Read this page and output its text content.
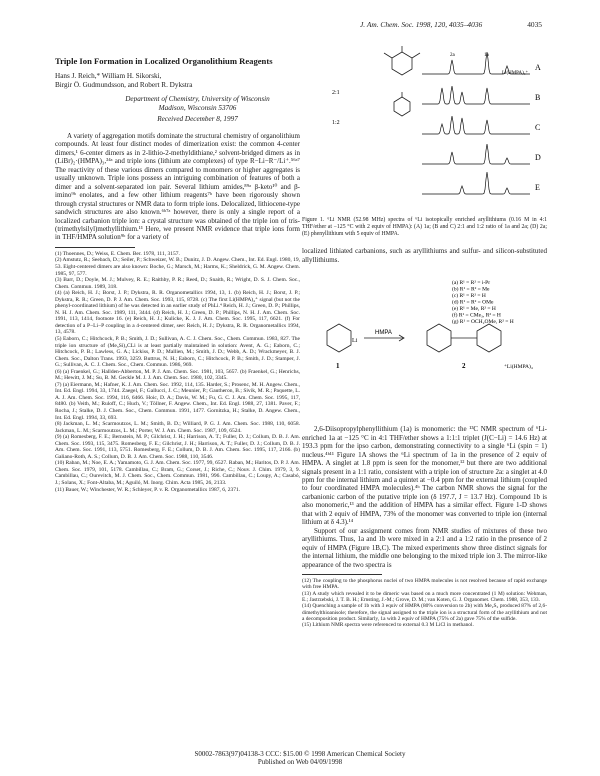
J. Am. Chem. Soc. 1998, 120, 4035–4036	4035
Triple Ion Formation in Localized Organolithium Reagents
Hans J. Reich,* William H. Sikorski,
Birgir Ö. Gudmundsson, and Robert R. Dykstra
Department of Chemistry, University of Wisconsin
Madison, Wisconsin 53706
Received December 8, 1997

A variety of aggregation motifs dominate the structural chemistry of organolithium compounds. At least four distinct modes of dimerization exist: the common 4-center dimers,¹ 6-center dimers as in 2-lithio-2-methyldithiane,² solvent-bridged dimers as in (LiBr)₂·(HMPA)₃,³⁴ᵃ and triple ions (lithium ate complexes) of type R−Li−R⁻/Li⁺.⁵⁶ᵃ⁷ The reactivity of these various dimers compared to monomers or higher aggregates is usually unknown. Triple ions possess an intriguing combination of features of both a dimer and a solvent-separated ion pair. Several lithium amides,⁸⁹ᵃ β-keto¹⁰ and β-imino⁹ᵇ enolates, and a few other lithium reagents⁷ᵇ have been rigorously shown through crystal structures or NMR data to form triple ions. Delocalized, lithiocene-type sandwich structures are also known.⁶ᵇ⁷ᵃ however, there is only a single report of a localized carbanion triple ion: a crystal structure was obtained of the triple ion of tris-(trimethylsilyl)methyllithium.¹¹ Here, we present NMR evidence that triple ions form in THF/HMPA solution⁹ᵇ for a variety of

(1) Thoennes, D.; Weiss, E. Chem. Ber. 1978, 111, 3157.

(2) Amstutz, R.; Seebach, D.; Seiler, P.; Schweizer, W. B.; Dunitz, J. D. Angew. Chem., Int. Ed. Engl. 1980, 19, 53. Eight-centered dimers are also known: Boche, G.; Marsch, M.; Harms, K.; Sheldrick, G. M. Angew. Chem. 1985, 97, 577.

(3) Barr, D.; Doyle, M. J.; Mulvey, R. E.; Raithby, P. R.; Reed, D.; Snaith, R.; Wright, D. S. J. Chem. Soc., Chem. Commun. 1989, 318.

(4) (a) Reich, H. J.; Borst, J. P.; Dykstra, R. R. Organometallics 1994, 13, 1. (b) Reich, H. J.; Borst, J. P.; Dykstra, R. R.; Green, D. P. J. Am. Chem. Soc. 1993, 115, 8728. (c) The first Li(HMPA)₄⁺ signal (but not the phenyl-coordinated lithium) of he was detected in an earlier study of PhLi.⁴ Reich, H. J.; Green, D. P.; Phillips, N. H. J. Am. Chem. Soc. 1989, 111, 3444. (d) Reich, H. J.; Green, D. P.; Phillips, N. H. J. Am. Chem. Soc. 1991, 113, 1414, footnote 16. (e) Reich, H. J.; Kulicke, K. J. J. Am. Chem. Soc. 1995, 117, 6621. (f) For detection of a P−Li−P coupling in a 4-centered dimer, see: Reich, H. J.; Dykstra, R. R. Organometallics 1994, 13, 4578.

(5) Eaborn, C.; Hitchcock, P. B.; Smith, J. D.; Sullivan, A. C. J. Chem. Soc., Chem. Commun. 1983, 827. The triple ion structure of (Me₃Si)₃CLi is at least partially maintained in solution: Avent, A. G.; Eaborn, C.; Hitchcock, P. B.; Lawless, G. A.; Lickiss, P. D.; Mallien, M.; Smith, J. D.; Webb, A. D.; Wrackmeyer, B. J. Chem. Soc., Dalton Trans. 1993, 3259. Buttrus, N. H.; Eaborn, C.; Hitchcock, P. B.; Smith, J. D.; Stamper, J. G.; Sullivan, A. C. J. Chem. Soc., Chem. Commun. 1986, 969.

(6) (a) Fraenkel, G.; Hallden-Abberton, M. P. J. Am. Chem. Soc. 1981, 103, 5657. (b) Fraenkel, G.; Henrichs, M.; Hewitt, J. M.; Su, B. M. Geckle M. J. J. Am. Chem. Soc. 1980, 102, 3345.

(7) (a) Eiermann, M.; Hafner, K. J. Am. Chem. Soc. 1992, 114, 135. Harder, S.; Prosenc, M. H. Angew. Chem., Int. Ed. Engl. 1994, 33, 1744. Zaegel, F.; Gallucci, J. C.; Meunier, P.; Gautheron, B.; Sivik, M. R.; Paquette, L. A. J. Am. Chem. Soc. 1994, 116, 6466. Hoic, D. A.; Davis, W. M.; Fu, G. C. J. Am. Chem. Soc. 1995, 117, 8480. (b) Veith, M.; Ruloff, C.; Huch, V.; Töllner, F. Angew. Chem., Int. Ed. Engl. 1988, 27, 1381. Paver, F.; Rocha, J.; Stalke, D. J. Chem. Soc., Chem. Commun. 1991, 1477. Gornitzka, H.; Stalke, D. Angew. Chem., Int. Ed. Engl. 1994, 33, 693.

(8) Jackman, L. M.; Scarmoutzos, L. M.; Smith, B. D.; Williard, P. G. J. Am. Chem. Soc. 1988, 110, 6058. Jackman, L. M.; Scarmoutzos, L. M.; Porter, W. J. Am. Chem. Soc. 1987, 109, 6524.

(9) (a) Romesberg, F. E.; Bernstein, M. P.; Gilchrist, J. H.; Harrison, A. T.; Fuller, D. J.; Collum, D. B. J. Am. Chem. Soc. 1993, 115, 3475. Romesberg, F. E.; Gilchrist, J. H.; Harrison, A. T.; Fuller, D. J.; Collum, D. B. J. Am. Chem. Soc. 1991, 113, 5751. Romesberg, F. E.; Collum, D. B. J. Am. Chem. Soc. 1995, 117, 2166. (b) Galiano-Roth, A. S.; Collum, D. B. J. Am. Chem. Soc. 1988, 110, 3546.

(10) Raban, M.; Noe, E. A.; Yamamoto, G. J. Am. Chem. Soc. 1977, 99, 6527. Raban, M.; Haritos, D. P. J. Am. Chem. Soc. 1979, 101, 5178. Cambillau, C.; Bram, G.; Corset, J.; Riche, C.; Nouv. J. Chim. 1979, 3, 9. Cambillau, C.; Ourevitch, M. J. Chem. Soc., Chem. Commun. 1981, 996. Cambillau, C.; Loupy, A.; Casabó, J.; Solans, X.; Font-Altaba, M.; Aguiló, M. Inorg. Chim. Acta 1985, 26, 2133.

(11) Bauer, W.; Winchester, W. R.; Schleyer, P. v. R. Organometallics 1987, 6, 2371.

A
B
C
D
E
2a	1a
Li(HMPA)₄⁺
2:1
1:2
Figure 1. ⁶Li NMR (52.98 MHz) spectra of ⁶Li isotopically enriched aryllithiums (0.16 M in 4:1 THF/ether at −125 °C with 2 equiv of HMPA): (A) 1a; (B and C) 2:1 and 1:2 ratio of 1a and 2a; (D) 2a; (E) phenyllithium with 5 equiv of HMPA.

localized lithiated carbanions, such as aryllithiums and sulfur- and silicon-substituted allyllithiums.

Li
HMPA
1	2	⁺Li(HMPA)₄
(a) R¹ = R² = i-Pr
(b) R¹ = R² = Me
(c) R¹ = R² = H
(d) R¹ = R² = OMe
(e) R¹ = Me, R² = H
(f) R¹ = CMe₃, R² = H
(g) R¹ = OCH₂OMe, R² = H

2,6-Diisopropylphenyllithium (1a) is monomeric: the ¹³C NMR spectrum of ⁶Li-enriched 1a at −125 °C in 4:1 THF/ether shows a 1:1:1 triplet (J(C−Li) = 14.6 Hz) at 193.3 ppm for the ipso carbon, demonstrating connectivity to a single ⁶Li (spin = 1) nucleus.⁴ᵇ¹¹ Figure 1A shows the ⁶Li spectrum of 1a in the presence of 2 equiv of HMPA. A singlet at 1.8 ppm is seen for the monomer,¹² but there are two additional signals present in a 1:1 ratio, consistent with a triple ion of structure 2a: a singlet at 4.0 ppm for the internal lithium and a quintet at −0.4 ppm for the external lithium (coupled to four coordinated HMPA molecules).⁴ᵇ The carbon NMR shows the signal for the carbanionic carbon of the putative triple ion (δ 197.7, J = 13.7 Hz). Compound 1b is also monomeric,¹³ and the addition of HMPA has a similar effect. Figure 1-D shows that with 2 equiv of HMPA, 73% of the monomer was converted to triple ion (internal lithium at δ 4.3).¹⁴

Support of our assignment comes from NMR studies of mixtures of these two aryllithiums. Thus, 1a and 1b were mixed in a 2:1 and a 1:2 ratio in the presence of 2 equiv of HMPA (Figure 1B,C). The mixed experiments show three distinct signals for the internal lithium, the middle one belonging to the mixed triple ion 3. The mirror-like appearance of the two spectra is

(12) The coupling to the phosphorus nuclei of two HMPA molecules is not resolved because of rapid exchange with free HMPA.

(13) A study which revealed it to be dimeric was based on a much more concentrated (1 M) solution: Wehman, E.; Jastrzebski, J. T. B. H.; Ernsting, J.-M.; Grove, D. M.; van Koten, G. J. Organomet. Chem. 1988, 353, 133.

(14) Quenching a sample of 1b with 3 equiv of HMPA (80% conversion to 2b) with Me₂S₂ produced 87% of 2,6-dimethylthioanisole; therefore, the signal assigned to the triple ion is a structural form of the aryllithium and not a decomposition product. Similarly, 1a with 2 equiv of HMPA (75% of 2a) gave 75% of the sulfide.

(15) Lithium NMR spectra were referenced to external 0.3 M LiCl in methanol.

S0002-7863(97)04138-3 CCC: $15.00 © 1998 American Chemical Society
Published on Web 04/09/1998
